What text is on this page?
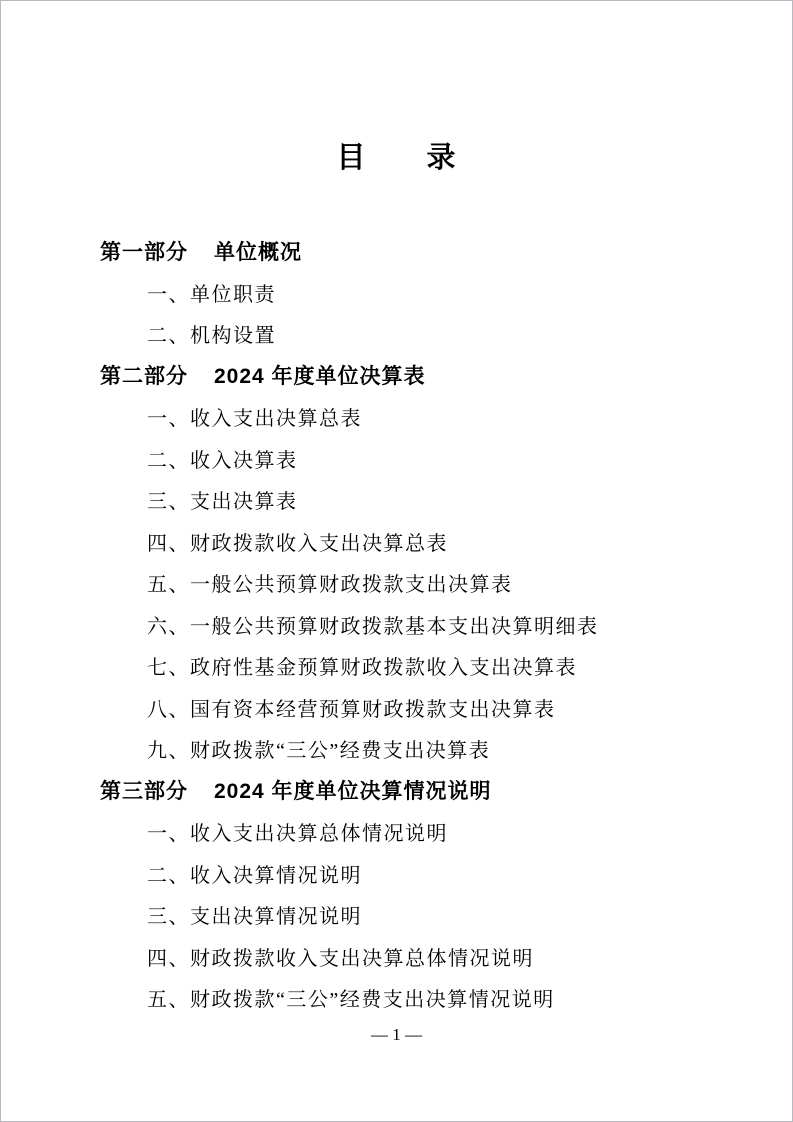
目　　录
第一部分 单位概况
一、单位职责
二、机构设置
第二部分 2024 年度单位决算表
一、收入支出决算总表
二、收入决算表
三、支出决算表
四、财政拨款收入支出决算总表
五、一般公共预算财政拨款支出决算表
六、一般公共预算财政拨款基本支出决算明细表
七、政府性基金预算财政拨款收入支出决算表
八、国有资本经营预算财政拨款支出决算表
九、财政拨款“三公”经费支出决算表
第三部分 2024 年度单位决算情况说明
一、收入支出决算总体情况说明
二、收入决算情况说明
三、支出决算情况说明
四、财政拨款收入支出决算总体情况说明
五、财政拨款“三公”经费支出决算情况说明
— 1 —
